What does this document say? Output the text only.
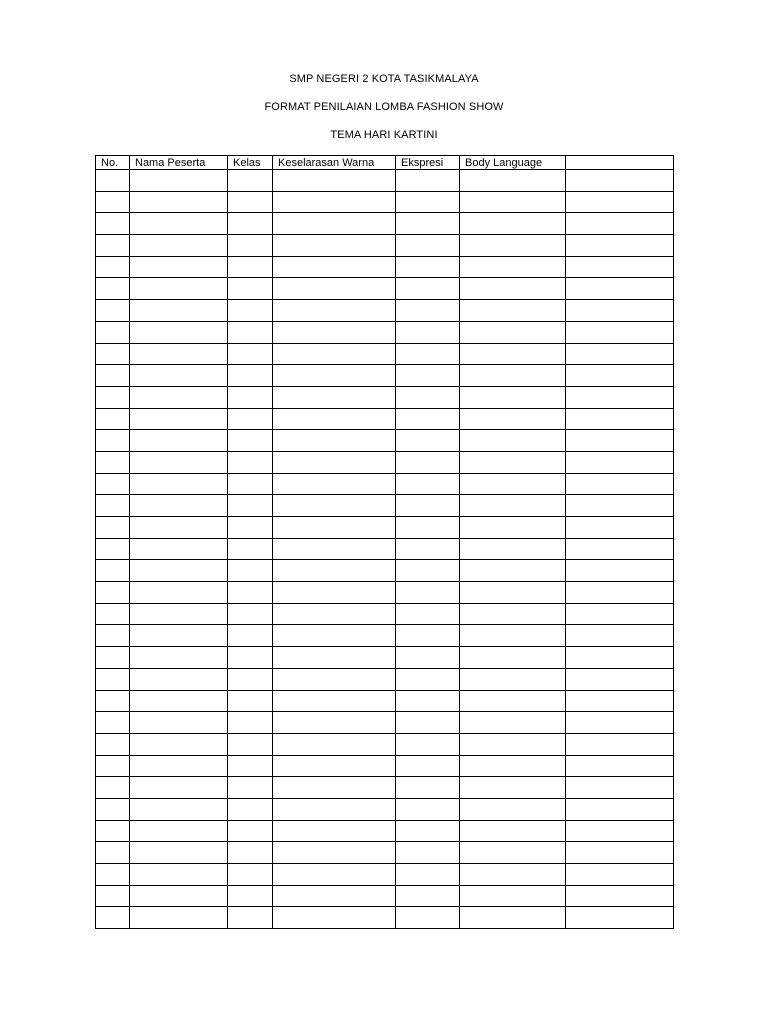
SMP NEGERI 2 KOTA TASIKMALAYA
FORMAT PENILAIAN LOMBA FASHION SHOW
TEMA HARI KARTINI
No.	Nama Peserta	Kelas	Keselarasan Warna	Ekspresi	Body Language	
